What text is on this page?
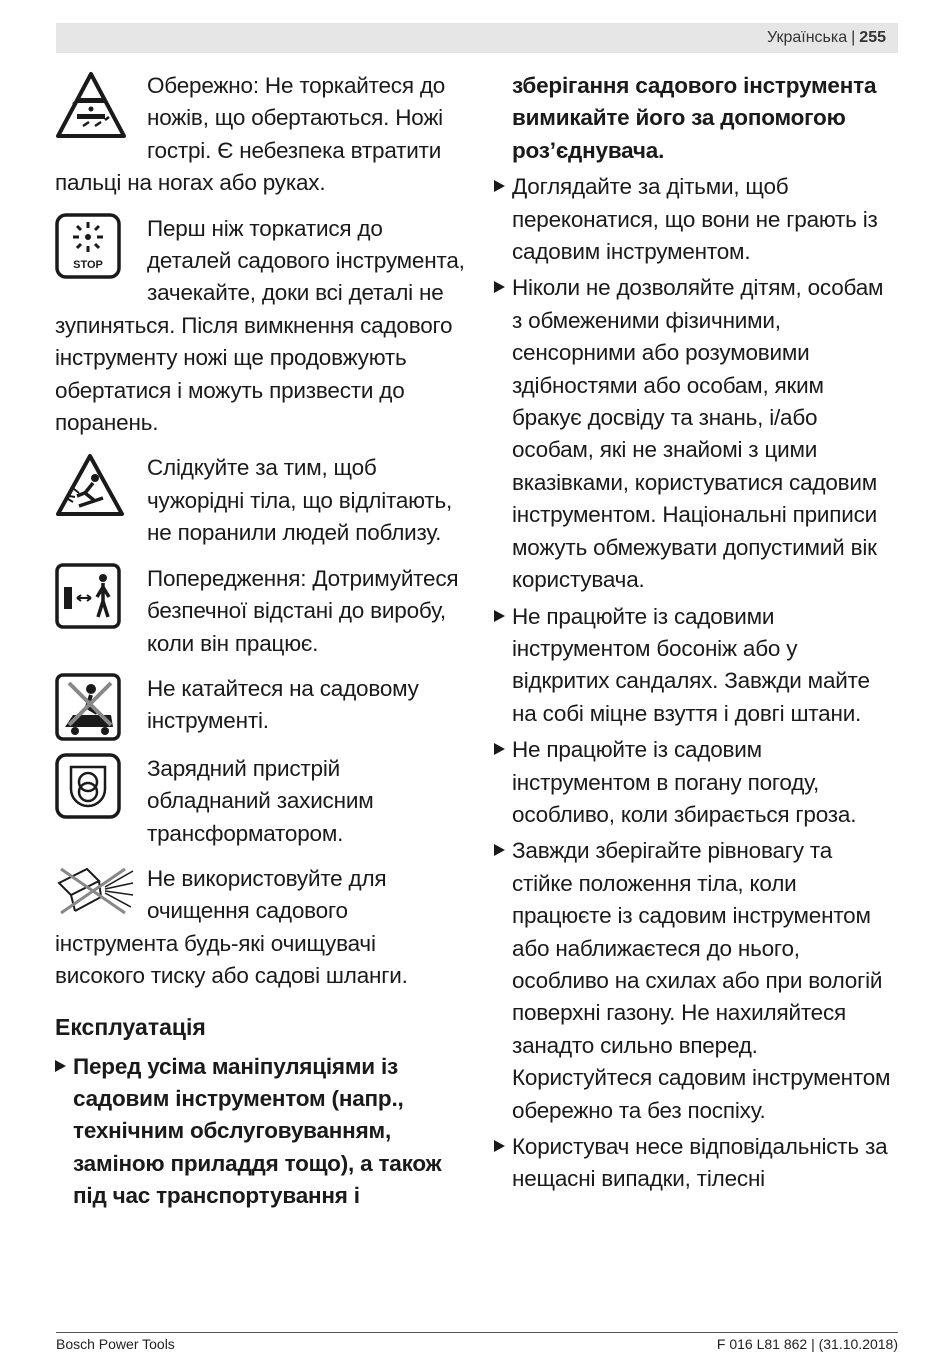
Українська | 255

Обережно: Не торкайтеся до ножів, що обертаються. Ножі гострі. Є небезпека втратити пальці на ногах або руках.

STOP

Перш ніж торкатися до деталей садового інструмента, зачекайте, доки всі деталі не зупиняться. Після вимкнення садового інструменту ножі ще продовжують обертатися і можуть призвести до поранень.

Слідкуйте за тим, щоб чужорідні тіла, що відлітають, не поранили людей поблизу.

Попередження: Дотримуйтеся безпечної відстані до виробу, коли він працює.

Не катайтеся на садовому інструменті.

Зарядний пристрій обладнаний захисним трансформатором.

Не використовуйте для очищення садового інструмента будь-які очищувачі високого тиску або садові шланги.

Експлуатація

Перед усіма маніпуляціями із садовим інструментом (напр., технічним обслуговуванням, заміною приладдя тощо), а також під час транспортування і

зберігання садового інструмента вимикайте його за допомогою роз’єднувача.

Доглядайте за дітьми, щоб переконатися, що вони не грають із садовим інструментом.

Ніколи не дозволяйте дітям, особам з обмеженими фізичними, сенсорними або розумовими здібностями або особам, яким бракує досвіду та знань, і/або особам, які не знайомі з цими вказівками, користуватися садовим інструментом. Національні приписи можуть обмежувати допустимий вік користувача.

Не працюйте із садовими інструментом босоніж або у відкритих сандалях. Завжди майте на собі міцне взуття і довгі штани.

Не працюйте із садовим інструментом в погану погоду, особливо, коли збирається гроза.

Завжди зберігайте рівновагу та стійке положення тіла, коли працюєте із садовим інструментом або наближаєтеся до нього, особливо на схилах або при вологій поверхні газону. Не нахиляйтеся занадто сильно вперед. Користуйтеся садовим інструментом обережно та без поспіху.

Користувач несе відповідальність за нещасні випадки, тілесні

Bosch Power Tools	F 016 L81 862 | (31.10.2018)
